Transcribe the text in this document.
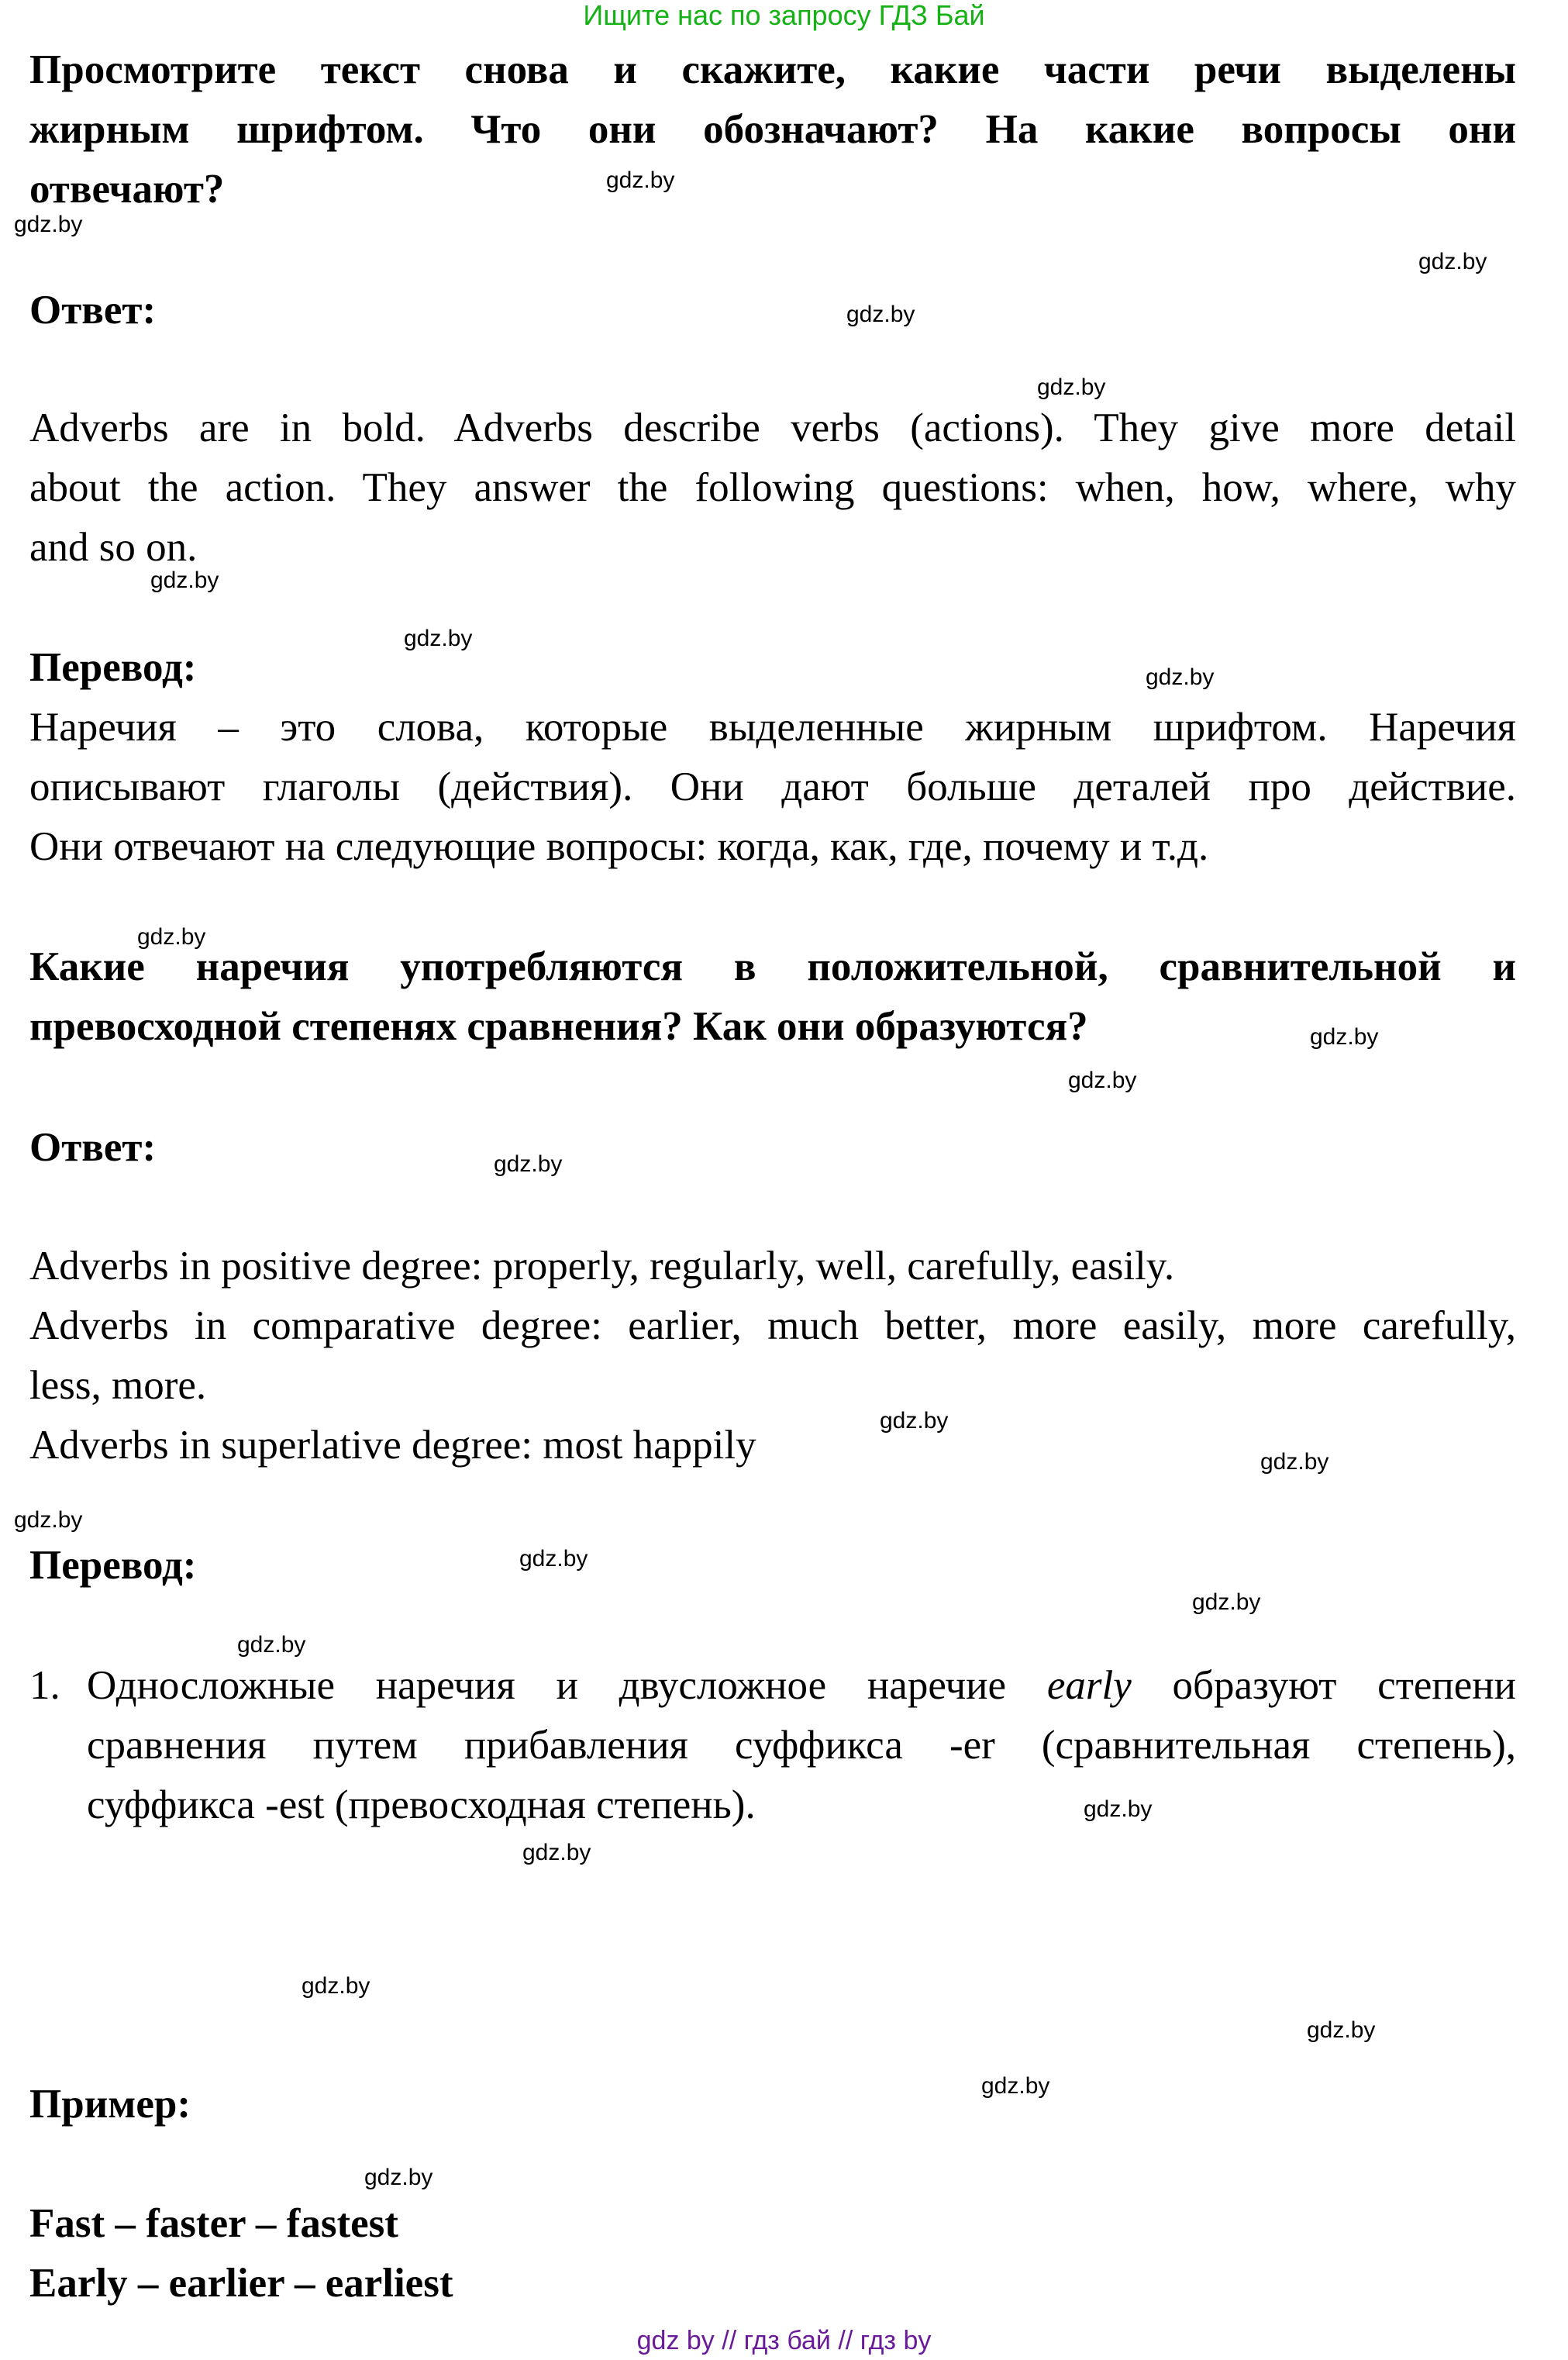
Ищите нас по запросу ГДЗ Бай
Просмотрите текст снова и скажите, какие части речи выделены
жирным шрифтом. Что они обозначают? На какие вопросы они
отвечают?
Ответ:
Adverbs are in bold. Adverbs describe verbs (actions). They give more detail
about the action. They answer the following questions: when, how, where, why
and so on.
Перевод:
Наречия – это слова, которые выделенные жирным шрифтом. Наречия
описывают глаголы (действия). Они дают больше деталей про действие.
Они отвечают на следующие вопросы: когда, как, где, почему и т.д.
Какие наречия употребляются в положительной, сравнительной и
превосходной степенях сравнения? Как они образуются?
Ответ:
Adverbs in positive degree: properly, regularly, well, carefully, easily.
Adverbs in comparative degree: earlier, much better, more easily, more carefully,
less, more.
Adverbs in superlative degree: most happily
Перевод:
1. Односложные наречия и двусложное наречие early образуют степени
сравнения путем прибавления суффикса -er (сравнительная степень),
суффикса -est (превосходная степень).
Пример:
Fast – faster – fastest
Early – earlier – earliest
gdz.by
gdz.by
gdz.by
gdz.by
gdz.by
gdz.by
gdz.by
gdz.by
gdz.by
gdz.by
gdz.by
gdz.by
gdz.by
gdz.by
gdz.by
gdz.by
gdz.by
gdz.by
gdz.by
gdz.by
gdz.by
gdz.by
gdz.by
gdz.by
gdz by // гдз бай // гдз by
